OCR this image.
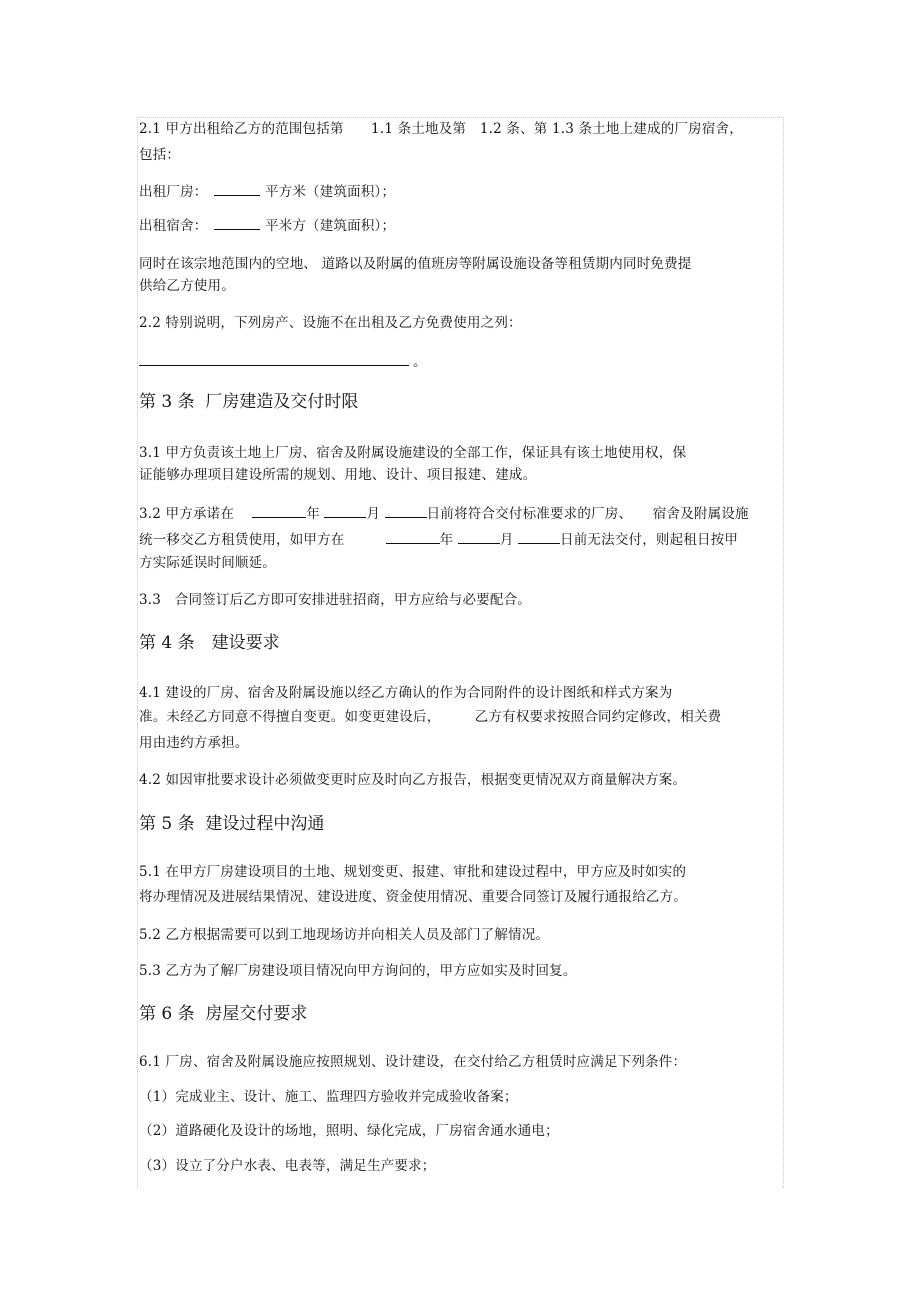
2.1 甲方出租给乙方的范围包括第　　1.1 条土地及第　1.2 条、第 1.3 条土地上建成的厂房宿舍，
包括：
出租厂房：　	平方米（建筑面积）；
出租宿舍：　	平米方（建筑面积）；
同时在该宗地范围内的空地、 道路以及附属的值班房等附属设施设备等租赁期内同时免费提
供给乙方使用。
2.2 特别说明，下列房产、设施不在出租及乙方免费使用之列：
。
第 3 条  厂房建造及交付时限
3.1 甲方负责该土地上厂房、宿舍及附属设施建设的全部工作，保证具有该土地使用权，保
证能够办理项目建设所需的规划、用地、设计、项目报建、建成。
3.2 甲方承诺在　	年	月	日前将符合交付标准要求的厂房、　　宿舍及附属设施
统一移交乙方租赁使用，如甲方在　　　	年	月	日前无法交付，则起租日按甲
方实际延误时间顺延。
3.3　合同签订后乙方即可安排进驻招商，甲方应给与必要配合。
第 4 条　建设要求
4.1 建设的厂房、宿舍及附属设施以经乙方确认的作为合同附件的设计图纸和样式方案为
准。未经乙方同意不得擅自变更。如变更建设后，　　　乙方有权要求按照合同约定修改，相关费
用由违约方承担。
4.2 如因审批要求设计必须做变更时应及时向乙方报告，根据变更情况双方商量解决方案。
第 5 条  建设过程中沟通
5.1 在甲方厂房建设项目的土地、规划变更、报建、审批和建设过程中，甲方应及时如实的
将办理情况及进展结果情况、建设进度、资金使用情况、重要合同签订及履行通报给乙方。
5.2 乙方根据需要可以到工地现场访并向相关人员及部门了解情况。
5.3 乙方为了解厂房建设项目情况向甲方询问的，甲方应如实及时回复。
第 6 条  房屋交付要求
6.1 厂房、宿舍及附属设施应按照规划、设计建设，在交付给乙方租赁时应满足下列条件：
（1）完成业主、设计、施工、监理四方验收并完成验收备案；
（2）道路硬化及设计的场地，照明、绿化完成，厂房宿舍通水通电；
（3）设立了分户水表、电表等，满足生产要求；
